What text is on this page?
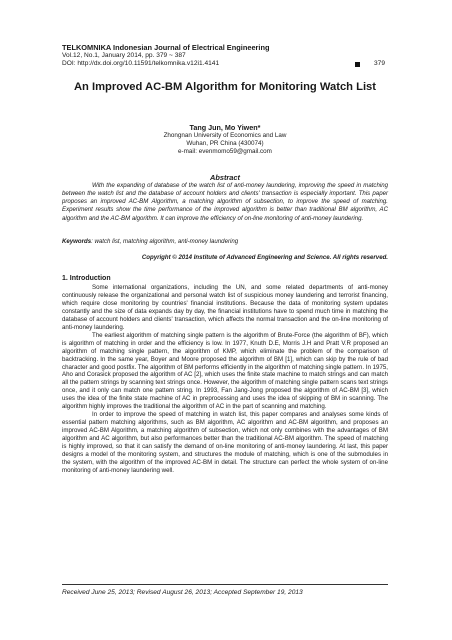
TELKOMNIKA Indonesian Journal of Electrical Engineering
Vol.12, No.1, January 2014, pp. 379 ~ 387
DOI: http://dx.doi.org/10.11591/telkomnika.v12i1.4141	379
An Improved AC-BM Algorithm for Monitoring Watch List
Tang Jun, Mo Yiwen*
Zhongnan University of Economics and Law
Wuhan, PR China (430074)
e-mail: evenmomo59@gmail.com
Abstract
With the expanding of database of the watch list of anti-money laundering, improving the speed in matching between the watch list and the database of account holders and clients' transaction is especially important. This paper proposes an improved AC-BM Algorithm, a matching algorithm of subsection, to improve the speed of matching. Experiment results show the time performance of the improved algorithm is better than traditional BM algorithm, AC algorithm and the AC-BM algorithm. It can improve the efficiency of on-line monitoring of anti-money laundering.
Keywords: watch list, matching algorithm, anti-money laundering
Copyright © 2014 Institute of Advanced Engineering and Science. All rights reserved.
1. Introduction

Some international organizations, including the UN, and some related departments of anti-money continuously release the organizational and personal watch list of suspicious money laundering and terrorist financing, which require close monitoring by countries' financial institutions. Because the data of monitoring system updates constantly and the size of data expands day by day, the financial institutions have to spend much time in matching the database of account holders and clients' transaction, which affects the normal transaction and the on-line monitoring of anti-money laundering.

The earliest algorithm of matching single pattern is the algorithm of Brute-Force (the algorithm of BF), which is algorithm of matching in order and the efficiency is low. In 1977, Knuth D.E, Morris J.H and Pratt V.R proposed an algorithm of matching single pattern, the algorithm of KMP, which eliminate the problem of the comparison of backtracking. In the same year, Boyer and Moore proposed the algorithm of BM [1], which can skip by the rule of bad character and good postfix. The algorithm of BM performs efficiently in the algorithm of matching single pattern. In 1975, Aho and Corasick proposed the algorithm of AC [2], which uses the finite state machine to match strings and can match all the pattern strings by scanning text strings once. However, the algorithm of matching single pattern scans text strings once, and it only can match one pattern string. In 1993, Fan Jang-Jong proposed the algorithm of AC-BM [3], which uses the idea of the finite state machine of AC in preprocessing and uses the idea of skipping of BM in scanning. The algorithm highly improves the traditional the algorithm of AC in the part of scanning and matching.

In order to improve the speed of matching in watch list, this paper compares and analyses some kinds of essential pattern matching algorithms, such as BM algorithm, AC algorithm and AC-BM algorithm, and proposes an improved AC-BM Algorithm, a matching algorithm of subsection, which not only combines with the advantages of BM algorithm and AC algorithm, but also performances better than the traditional AC-BM algorithm. The speed of matching is highly improved, so that it can satisfy the demand of on-line monitoring of anti-money laundering. At last, this paper designs a model of the monitoring system, and structures the module of matching, which is one of the submodules in the system, with the algorithm of the improved AC-BM in detail. The structure can perfect the whole system of on-line monitoring of anti-money laundering well.

Received June 25, 2013; Revised August 26, 2013; Accepted September 19, 2013
